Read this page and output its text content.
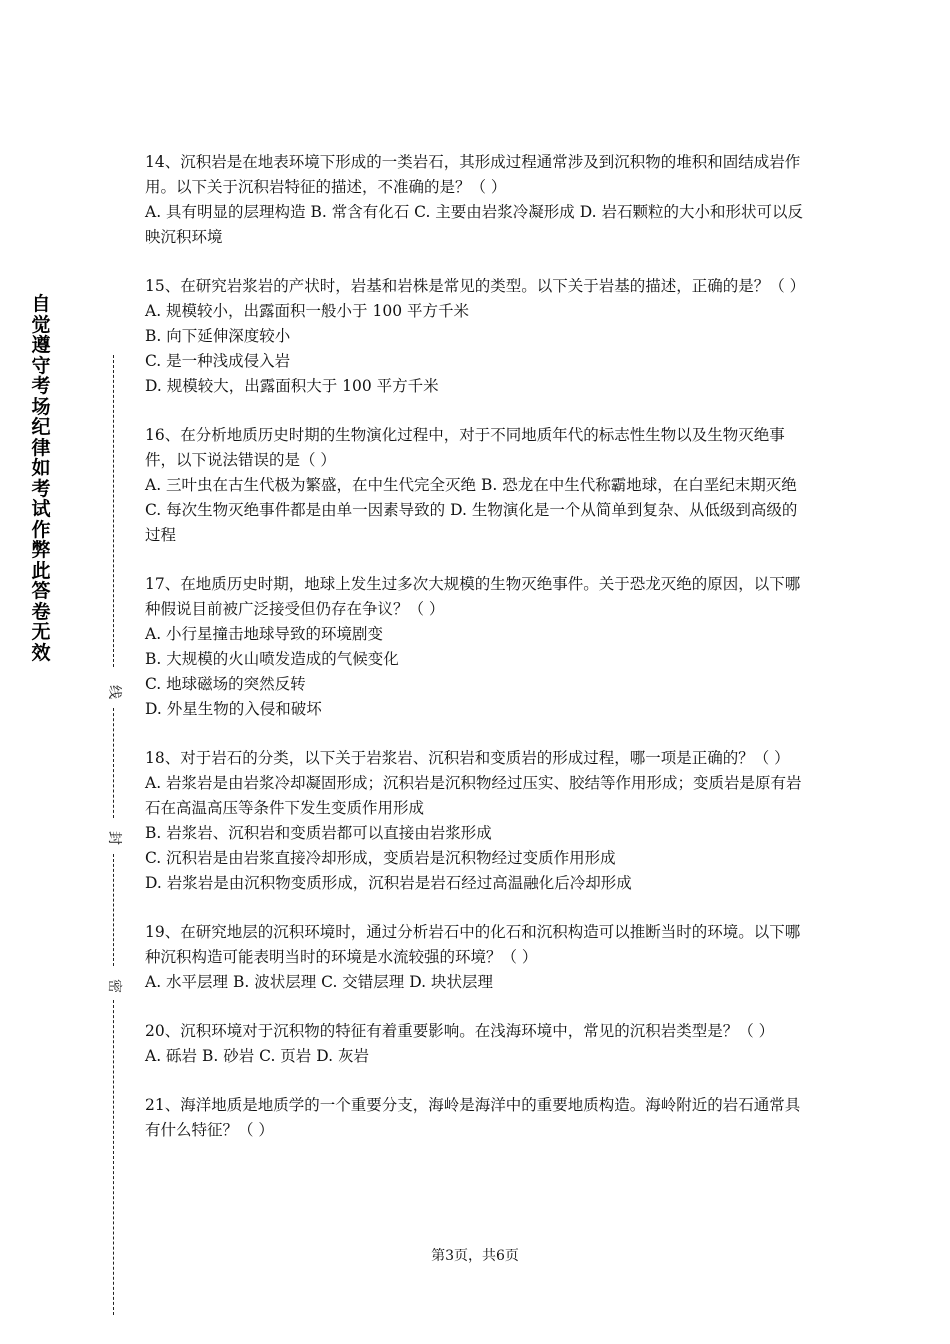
自觉遵守考场纪律如考试作弊此答卷无效
线
封
密

14、沉积岩是在地表环境下形成的一类岩石，其形成过程通常涉及到沉积物的堆积和固结成岩作用。以下关于沉积岩特征的描述，不准确的是？（ ）

A. 具有明显的层理构造 B. 常含有化石 C. 主要由岩浆冷凝形成 D. 岩石颗粒的大小和形状可以反映沉积环境

15、在研究岩浆岩的产状时，岩基和岩株是常见的类型。以下关于岩基的描述，正确的是？（ ）

A. 规模较小，出露面积一般小于 100 平方千米

B. 向下延伸深度较小

C. 是一种浅成侵入岩

D. 规模较大，出露面积大于 100 平方千米

16、在分析地质历史时期的生物演化过程中，对于不同地质年代的标志性生物以及生物灭绝事件，以下说法错误的是（ ）

A. 三叶虫在古生代极为繁盛，在中生代完全灭绝 B. 恐龙在中生代称霸地球，在白垩纪末期灭绝 C. 每次生物灭绝事件都是由单一因素导致的 D. 生物演化是一个从简单到复杂、从低级到高级的过程

17、在地质历史时期，地球上发生过多次大规模的生物灭绝事件。关于恐龙灭绝的原因，以下哪种假说目前被广泛接受但仍存在争议？（ ）

A. 小行星撞击地球导致的环境剧变

B. 大规模的火山喷发造成的气候变化

C. 地球磁场的突然反转

D. 外星生物的入侵和破坏

18、对于岩石的分类，以下关于岩浆岩、沉积岩和变质岩的形成过程，哪一项是正确的？（ ）

A. 岩浆岩是由岩浆冷却凝固形成；沉积岩是沉积物经过压实、胶结等作用形成；变质岩是原有岩石在高温高压等条件下发生变质作用形成

B. 岩浆岩、沉积岩和变质岩都可以直接由岩浆形成

C. 沉积岩是由岩浆直接冷却形成，变质岩是沉积物经过变质作用形成

D. 岩浆岩是由沉积物变质形成，沉积岩是岩石经过高温融化后冷却形成

19、在研究地层的沉积环境时，通过分析岩石中的化石和沉积构造可以推断当时的环境。以下哪种沉积构造可能表明当时的环境是水流较强的环境？（ ）

A. 水平层理 B. 波状层理 C. 交错层理 D. 块状层理

20、沉积环境对于沉积物的特征有着重要影响。在浅海环境中，常见的沉积岩类型是？（ ）

A. 砾岩 B. 砂岩 C. 页岩 D. 灰岩

21、海洋地质是地质学的一个重要分支，海岭是海洋中的重要地质构造。海岭附近的岩石通常具有什么特征？（ ）

第3页，共6页
